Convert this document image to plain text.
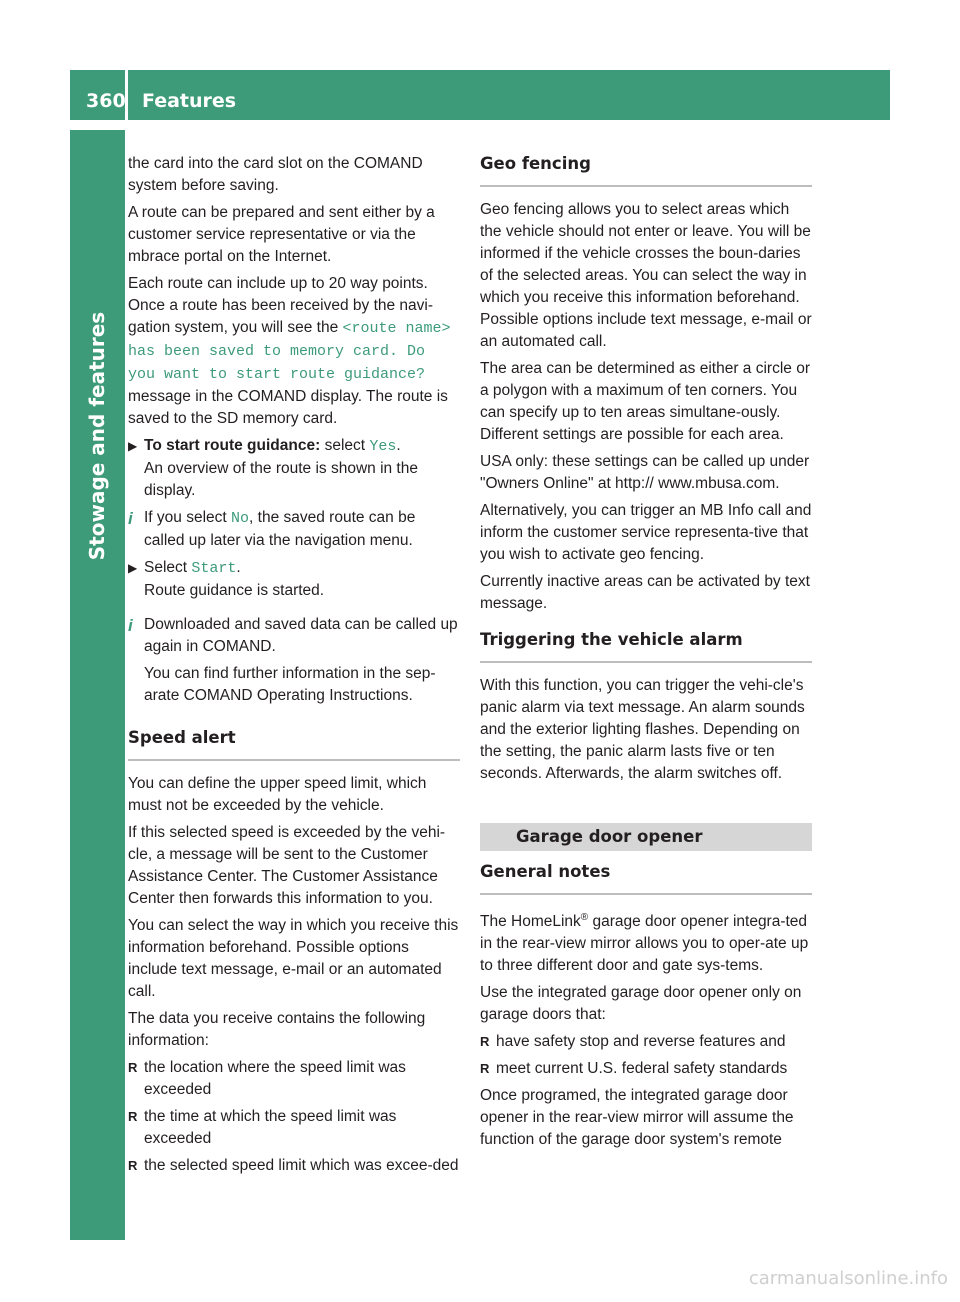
360 Features
Stowage and features

the card into the card slot on the COMAND system before saving.

A route can be prepared and sent either by a customer service representative or via the mbrace portal on the Internet.

Each route can include up to 20 way points. Once a route has been received by the navi-gation system, you will see the <route name> has been saved to memory card. Do you want to start route guidance? message in the COMAND display. The route is saved to the SD memory card.

▶ To start route guidance: select Yes.
An overview of the route is shown in the display.
i If you select No, the saved route can be called up later via the navigation menu.
▶ Select Start.
Route guidance is started.
i Downloaded and saved data can be called up again in COMAND.
You can find further information in the sep-arate COMAND Operating Instructions.
Speed alert

You can define the upper speed limit, which must not be exceeded by the vehicle.

If this selected speed is exceeded by the vehi-cle, a message will be sent to the Customer Assistance Center. The Customer Assistance Center then forwards this information to you.

You can select the way in which you receive this information beforehand. Possible options include text message, e-mail or an automated call.

The data you receive contains the following information:

R the location where the speed limit was exceeded
R the time at which the speed limit was exceeded
R the selected speed limit which was excee-ded
Geo fencing

Geo fencing allows you to select areas which the vehicle should not enter or leave. You will be informed if the vehicle crosses the boun-daries of the selected areas. You can select the way in which you receive this information beforehand. Possible options include text message, e-mail or an automated call.

The area can be determined as either a circle or a polygon with a maximum of ten corners. You can specify up to ten areas simultane-ously. Different settings are possible for each area.

USA only: these settings can be called up under "Owners Online" at http:// www.mbusa.com.

Alternatively, you can trigger an MB Info call and inform the customer service representa-tive that you wish to activate geo fencing.

Currently inactive areas can be activated by text message.

Triggering the vehicle alarm

With this function, you can trigger the vehi-cle's panic alarm via text message. An alarm sounds and the exterior lighting flashes. Depending on the setting, the panic alarm lasts five or ten seconds. Afterwards, the alarm switches off.

Garage door opener
General notes

The HomeLink® garage door opener integra-ted in the rear-view mirror allows you to oper-ate up to three different door and gate sys-tems.

Use the integrated garage door opener only on garage doors that:

R have safety stop and reverse features and
R meet current U.S. federal safety standards

Once programed, the integrated garage door opener in the rear-view mirror will assume the function of the garage door system's remote

carmanualsonline.info
